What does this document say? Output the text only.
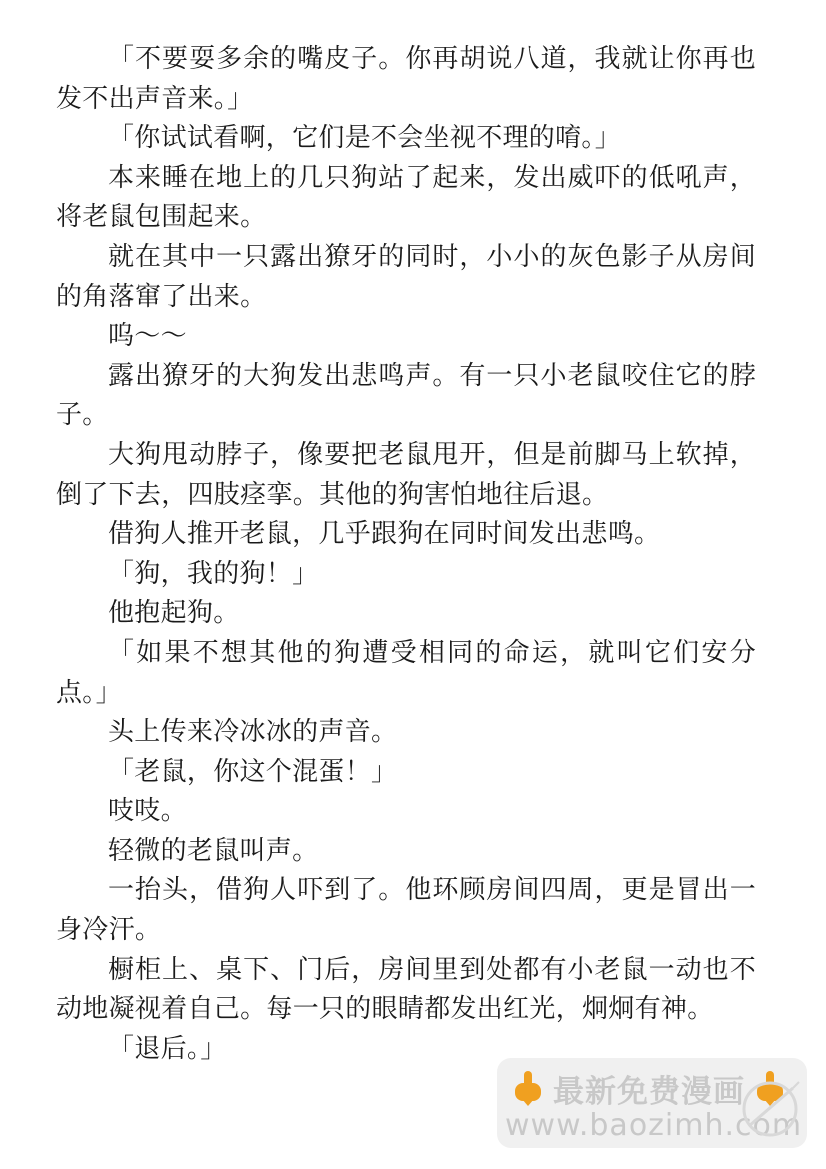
「不要耍多余的嘴皮子。你再胡说八道，我就让你再也发不出声音来。」

「你试试看啊，它们是不会坐视不理的唷。」

本来睡在地上的几只狗站了起来，发出威吓的低吼声，将老鼠包围起来。

就在其中一只露出獠牙的同时，小小的灰色影子从房间的角落窜了出来。

呜～～

露出獠牙的大狗发出悲鸣声。有一只小老鼠咬住它的脖子。

大狗甩动脖子，像要把老鼠甩开，但是前脚马上软掉，倒了下去，四肢痉挛。其他的狗害怕地往后退。

借狗人推开老鼠，几乎跟狗在同时间发出悲鸣。

「狗，我的狗！」

他抱起狗。

「如果不想其他的狗遭受相同的命运，就叫它们安分点。」

头上传来冷冰冰的声音。

「老鼠，你这个混蛋！」

吱吱。

轻微的老鼠叫声。

一抬头，借狗人吓到了。他环顾房间四周，更是冒出一身冷汗。

橱柜上、桌下、门后，房间里到处都有小老鼠一动也不动地凝视着自己。每一只的眼睛都发出红光，炯炯有神。

「退后。」

最新免费漫画
www.baozimh.com
